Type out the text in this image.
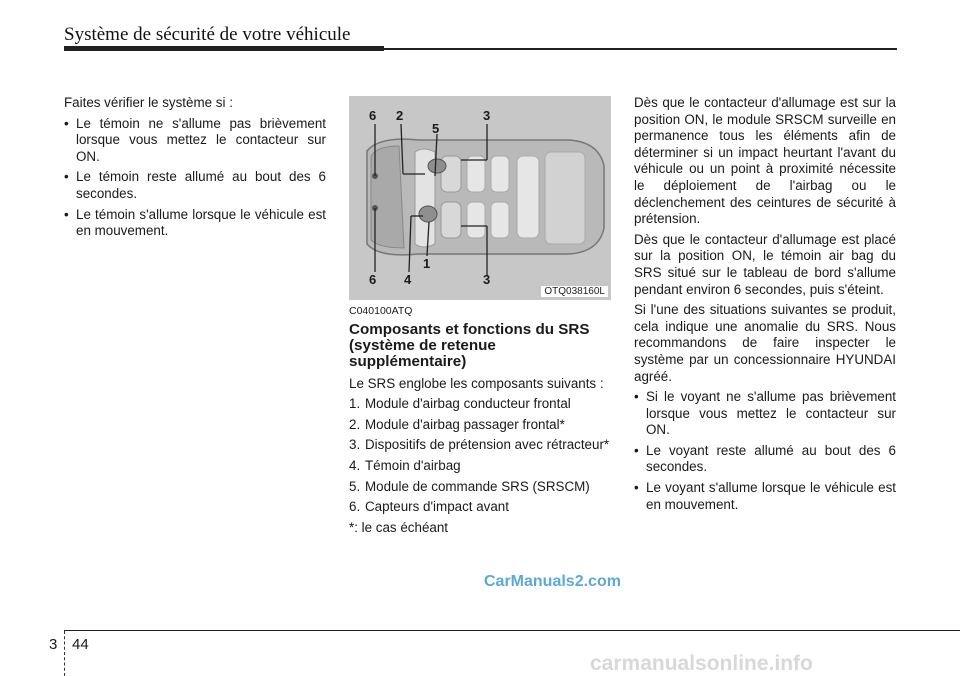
Système de sécurité de votre véhicule

Faites vérifier le système si :

• Le témoin ne s'allume pas brièvement lorsque vous mettez le contacteur sur ON.
• Le témoin reste allumé au bout des 6 secondes.
• Le témoin s'allume lorsque le véhicule est en mouvement.
6 2	3
5
1
6 4	3
OTQ038160L

C040100ATQ

Composants et fonctions du SRS (système de retenue supplémentaire)

Le SRS englobe les composants suivants :

1. Module d'airbag conducteur frontal
2. Module d'airbag passager frontal*
3. Dispositifs de prétension avec rétracteur*
4. Témoin d'airbag
5. Module de commande SRS (SRSCM)
6. Capteurs d'impact avant

*: le cas échéant

Dès que le contacteur d'allumage est sur la position ON, le module SRSCM surveille en permanence tous les éléments afin de déterminer si un impact heurtant l'avant du véhicule ou un point à proximité nécessite le déploiement de l'airbag ou le déclenchement des ceintures de sécurité à prétension.

Dès que le contacteur d'allumage est placé sur la position ON, le témoin air bag du SRS situé sur le tableau de bord s'allume pendant environ 6 secondes, puis s'éteint.

Si l'une des situations suivantes se produit, cela indique une anomalie du SRS. Nous recommandons de faire inspecter le système par un concessionnaire HYUNDAI agréé.

• Si le voyant ne s'allume pas brièvement lorsque vous mettez le contacteur sur ON.
• Le voyant reste allumé au bout des 6 secondes.
• Le voyant s'allume lorsque le véhicule est en mouvement.
CarManuals2.com
3 44
carmanualsonline.info
